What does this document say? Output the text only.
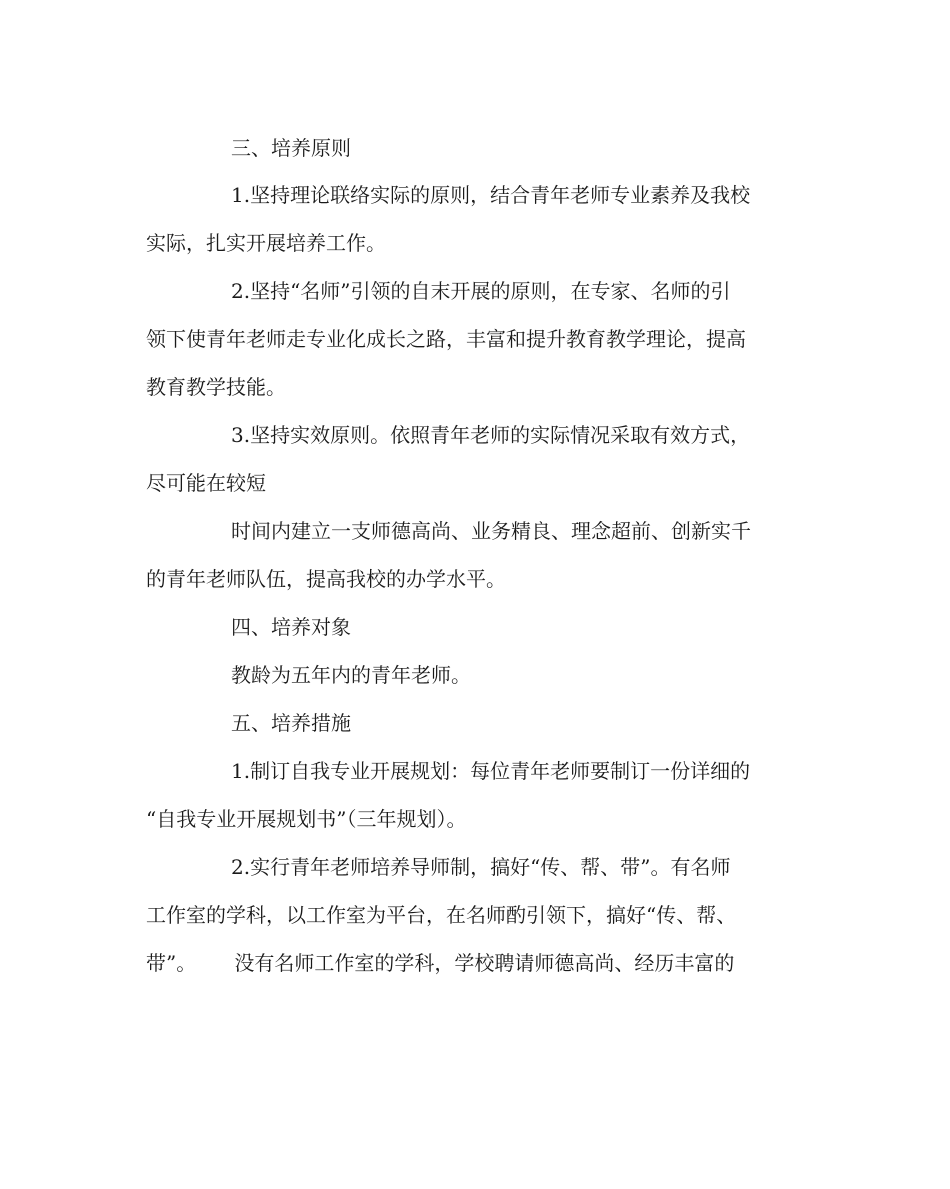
三、培养原则

1.坚持理论联络实际的原则，结合青年老师专业素养及我校

实际，扎实开展培养工作。

2.坚持“名师”引领的自末开展的原则，在专家、名师的引

领下使青年老师走专业化成长之路，丰富和提升教育教学理论，提高

教育教学技能。

3.坚持实效原则。依照青年老师的实际情况采取有效方式，

尽可能在较短

时间内建立一支师德高尚、业务精良、理念超前、创新实千

的青年老师队伍，提高我校的办学水平。

四、培养对象

教龄为五年内的青年老师。

五、培养措施

1.制订自我专业开展规划：每位青年老师要制订一份详细的

“自我专业开展规划书”（三年规划）。

2.实行青年老师培养导师制，搞好“传、帮、带”。有名师

工作室的学科，以工作室为平台，在名师酌引领下，搞好“传、帮、

带”。      没有名师工作室的学科，学校聘请师德高尚、经历丰富的
